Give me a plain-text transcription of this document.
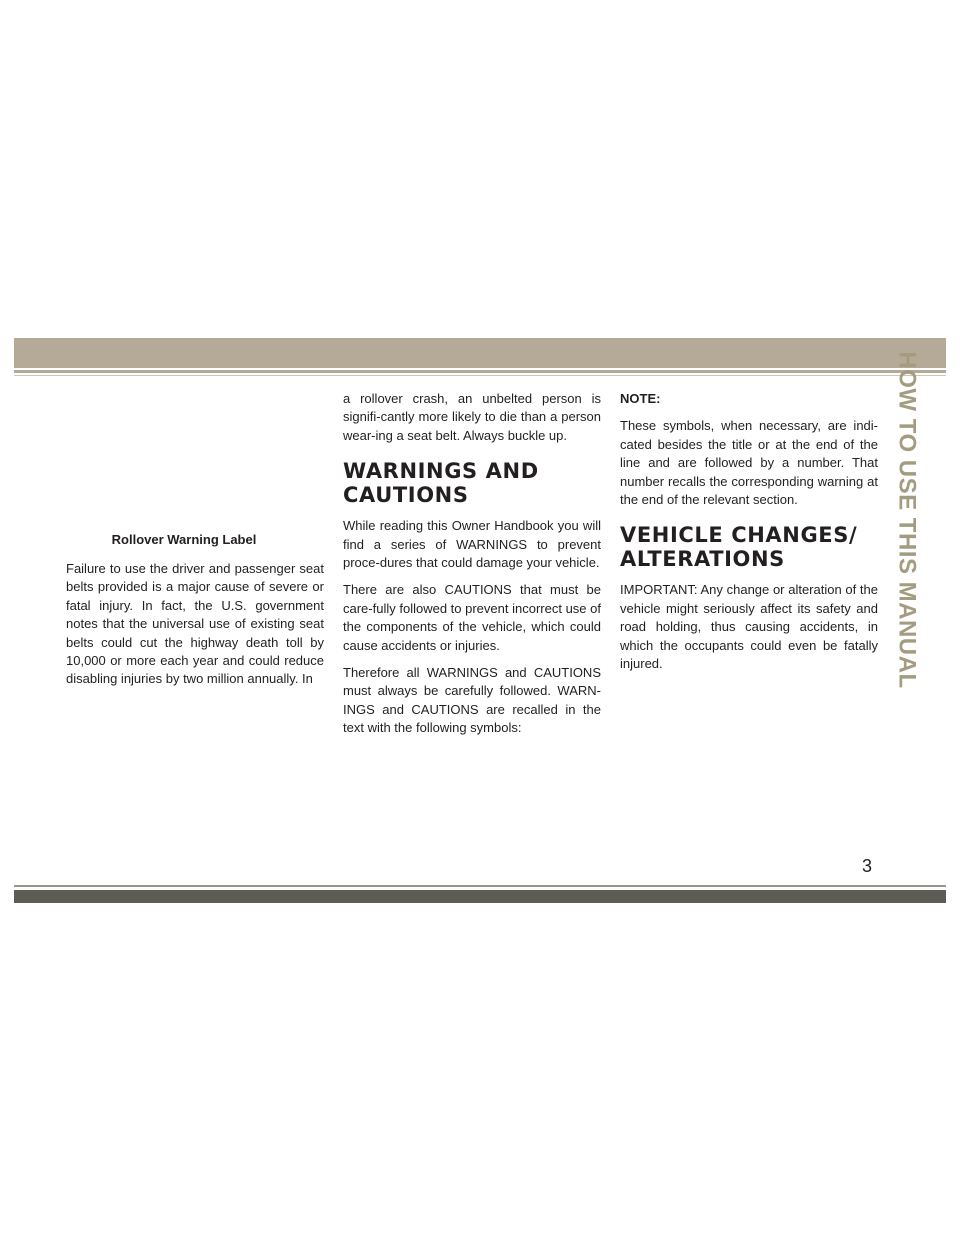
HOW TO USE THIS MANUAL
Rollover Warning Label

Failure to use the driver and passenger seat belts provided is a major cause of severe or fatal injury. In fact, the U.S. government notes that the universal use of existing seat belts could cut the highway death toll by 10,000 or more each year and could reduce disabling injuries by two million annually. In

a rollover crash, an unbelted person is signifi-cantly more likely to die than a person wear-ing a seat belt. Always buckle up.

WARNINGS AND CAUTIONS

While reading this Owner Handbook you will find a series of WARNINGS to prevent proce-dures that could damage your vehicle.

There are also CAUTIONS that must be care-fully followed to prevent incorrect use of the components of the vehicle, which could cause accidents or injuries.

Therefore all WARNINGS and CAUTIONS must always be carefully followed. WARN-INGS and CAUTIONS are recalled in the text with the following symbols:

NOTE:

These symbols, when necessary, are indi-cated besides the title or at the end of the line and are followed by a number. That number recalls the corresponding warning at the end of the relevant section.

VEHICLE CHANGES/ ALTERATIONS

IMPORTANT: Any change or alteration of the vehicle might seriously affect its safety and road holding, thus causing accidents, in which the occupants could even be fatally injured.

3
